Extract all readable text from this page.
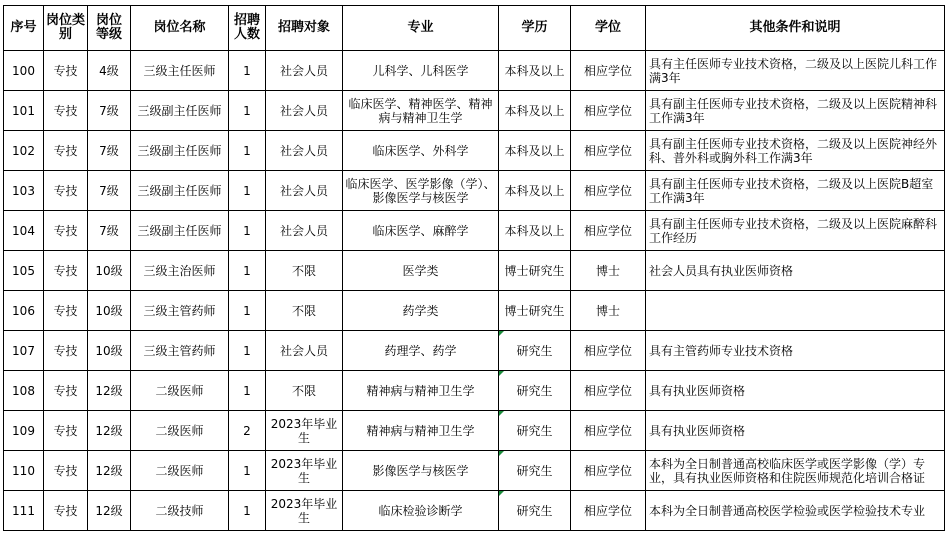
序号	岗位类别	岗位等级	岗位名称	招聘人数	招聘对象	专业	学历	学位	其他条件和说明
100	专技	4级	三级主任医师	1	社会人员	儿科学、儿科医学	本科及以上	相应学位	具有主任医师专业技术资格，二级及以上医院儿科工作满3年
101	专技	7级	三级副主任医师	1	社会人员	临床医学、精神医学、精神病与精神卫生学	本科及以上	相应学位	具有副主任医师专业技术资格，二级及以上医院精神科工作满3年
102	专技	7级	三级副主任医师	1	社会人员	临床医学、外科学	本科及以上	相应学位	具有副主任医师专业技术资格，二级及以上医院神经外科、普外科或胸外科工作满3年
103	专技	7级	三级副主任医师	1	社会人员	临床医学、医学影像（学）、影像医学与核医学	本科及以上	相应学位	具有副主任医师专业技术资格，二级及以上医院B超室工作满3年
104	专技	7级	三级副主任医师	1	社会人员	临床医学、麻醉学	本科及以上	相应学位	具有副主任医师专业技术资格，二级及以上医院麻醉科工作经历
105	专技	10级	三级主治医师	1	不限	医学类	博士研究生	博士	社会人员具有执业医师资格
106	专技	10级	三级主管药师	1	不限	药学类	博士研究生	博士	
107	专技	10级	三级主管药师	1	社会人员	药理学、药学	研究生	相应学位	具有主管药师专业技术资格
108	专技	12级	二级医师	1	不限	精神病与精神卫生学	研究生	相应学位	具有执业医师资格
109	专技	12级	二级医师	2	2023年毕业生	精神病与精神卫生学	研究生	相应学位	具有执业医师资格
110	专技	12级	二级医师	1	2023年毕业生	影像医学与核医学	研究生	相应学位	本科为全日制普通高校临床医学或医学影像（学）专业，具有执业医师资格和住院医师规范化培训合格证
111	专技	12级	二级技师	1	2023年毕业生	临床检验诊断学	研究生	相应学位	本科为全日制普通高校医学检验或医学检验技术专业
